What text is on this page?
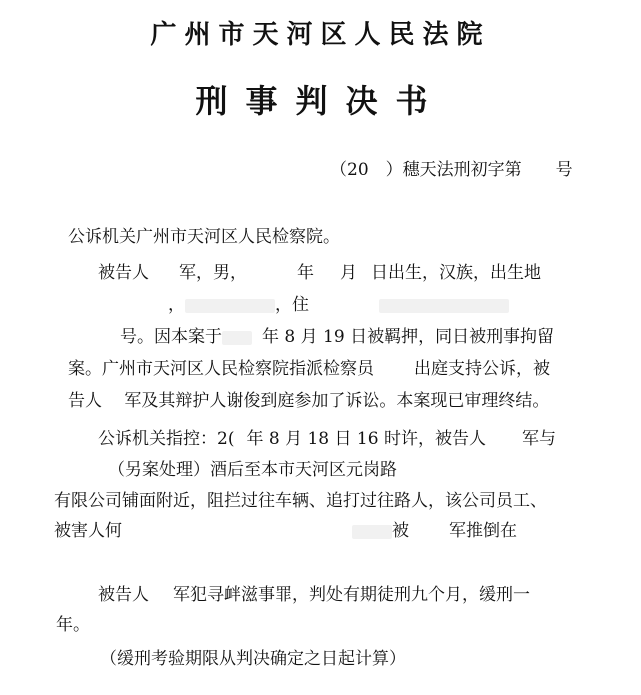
广州市天河区人民法院
刑事判决书
（20　）穗天法刑初字第　　号
公诉机关广州市天河区人民检察院。
被告人 军，男，	年 月 日出生，汉族，出生地
，	，住
号。因本案于 年 8 月 19 日被羁押，同日被刑事拘留
案。广州市天河区人民检察院指派检察员 出庭支持公诉，被
告人　 军及其辩护人谢俊到庭参加了诉讼。本案现已审理终结。
公诉机关指控：2( 年 8 月 18 日 16 时许，被告人 军与
（另案处理）酒后至本市天河区元岗路
有限公司铺面附近，阻拦过往车辆、追打过往路人，该公司员工、
被害人何	被 军推倒在
被告人 军犯寻衅滋事罪，判处有期徒刑九个月，缓刑一
年。
（缓刑考验期限从判决确定之日起计算）
